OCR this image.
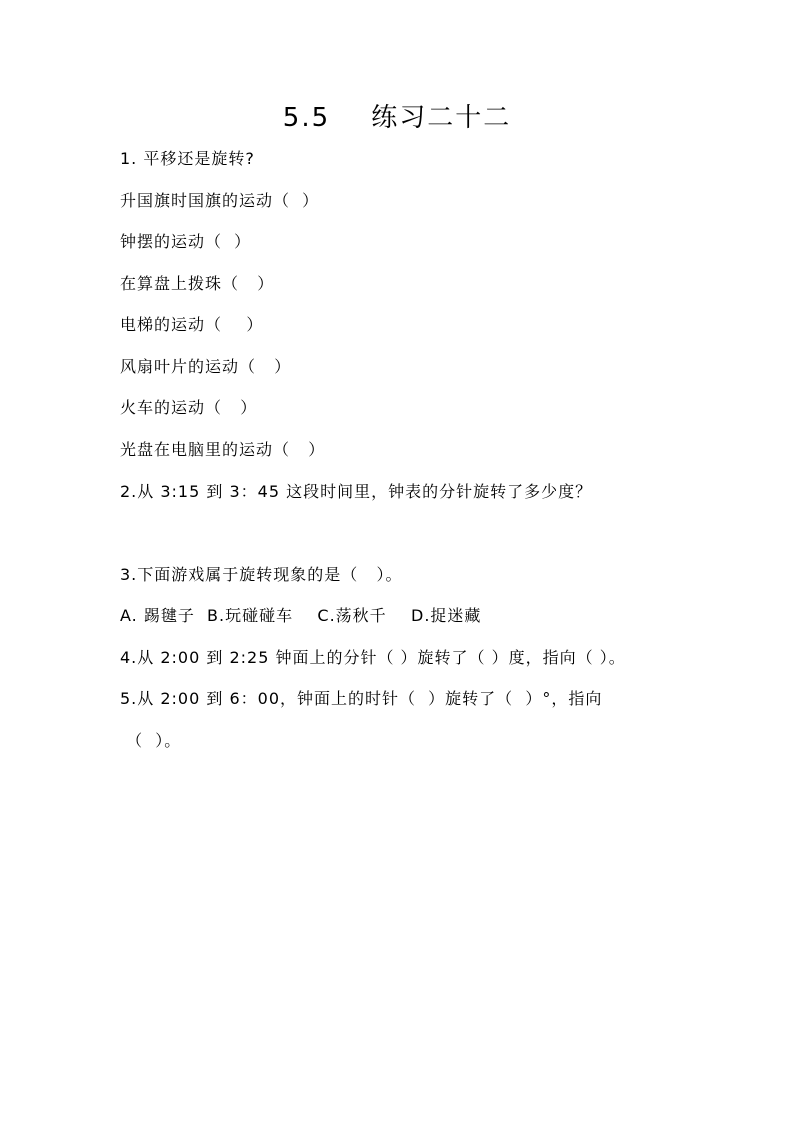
5.5    练习二十二
1. 平移还是旋转?
升国旗时国旗的运动（  ）
钟摆的运动（  ）
在算盘上拨珠（   ）
电梯的运动（    ）
风扇叶片的运动（   ）
火车的运动（   ）
光盘在电脑里的运动（   ）
2.从 3:15 到 3：45 这段时间里，钟表的分针旋转了多少度？
3.下面游戏属于旋转现象的是（   ）。
A. 踢毽子  B.玩碰碰车    C.荡秋千    D.捉迷藏
4.从 2:00 到 2:25 钟面上的分针（ ）旋转了（ ）度，指向（ ）。
5.从 2:00 到 6：00，钟面上的时针（  ）旋转了（  ）°，指向
（  ）。
